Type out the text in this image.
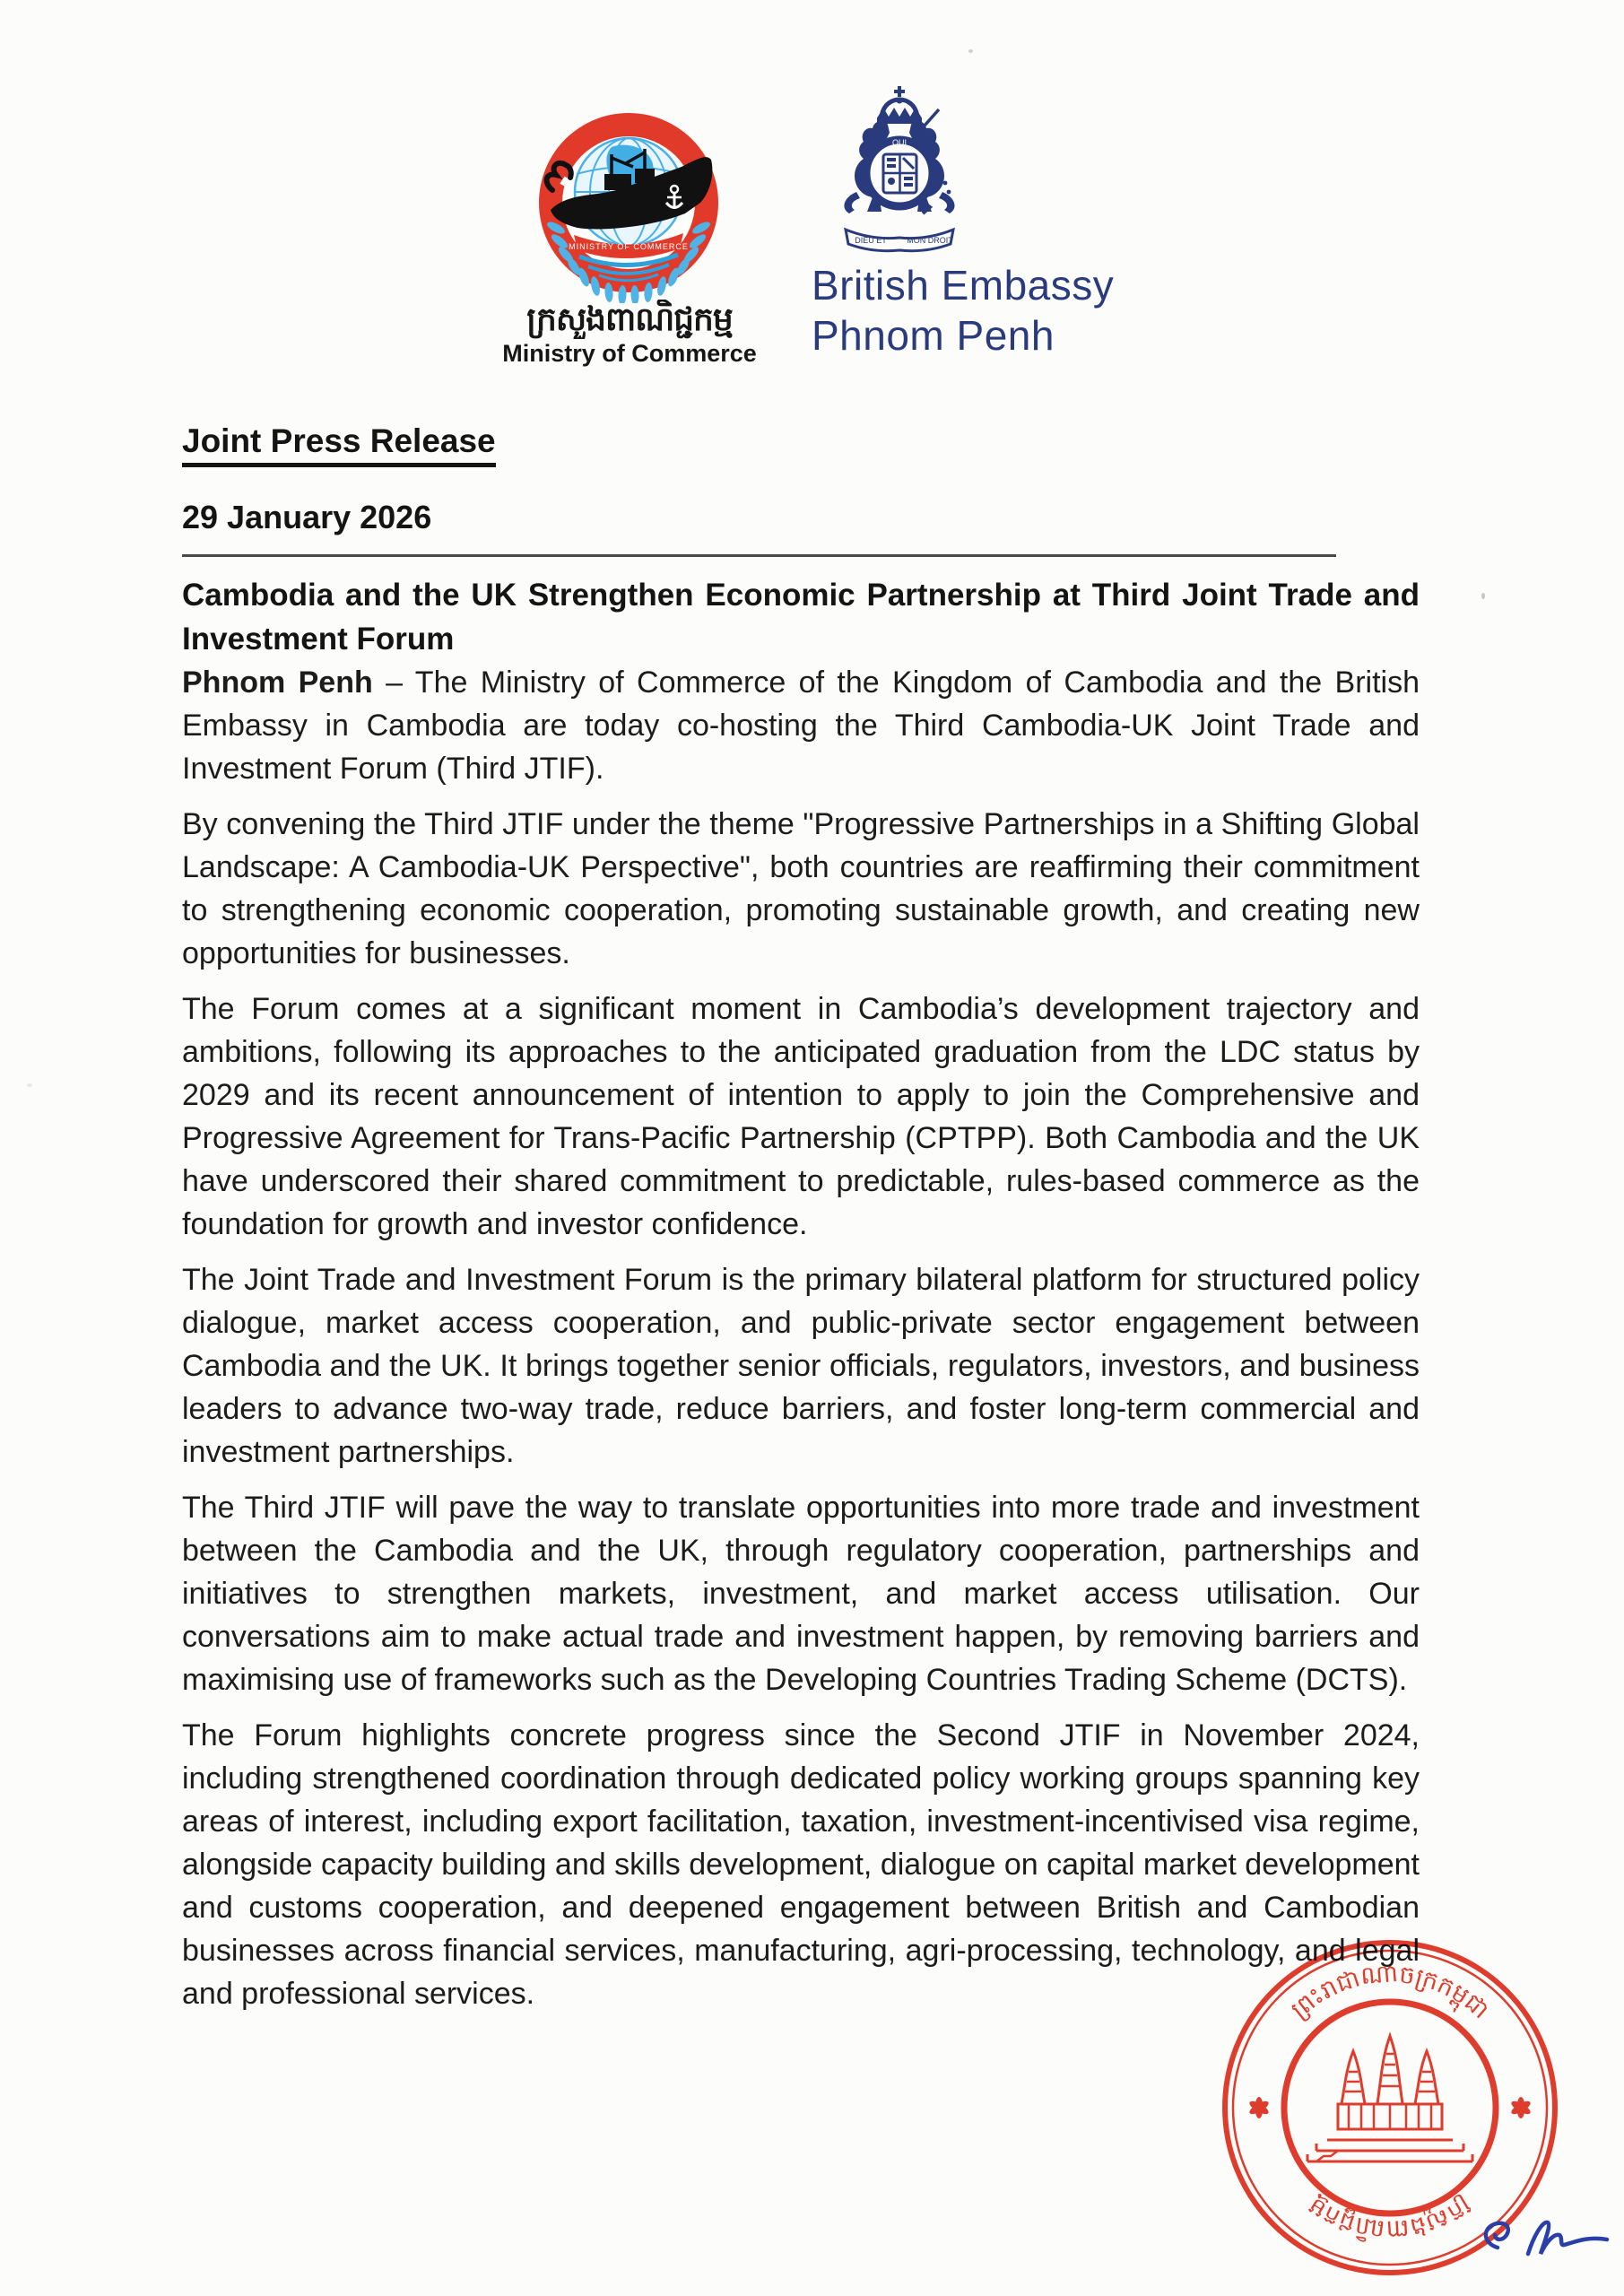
MINISTRY OF COMMERCE
ក្រសួងពាណិជ្ជកម្ម
Ministry of Commerce
QUI
DIEU ET MON DROIT
British Embassy
Phnom Penh
Joint Press Release

29 January 2026

Cambodia and the UK Strengthen Economic Partnership at Third Joint Trade and Investment Forum

Phnom Penh – The Ministry of Commerce of the Kingdom of Cambodia and the British Embassy in Cambodia are today co-hosting the Third Cambodia-UK Joint Trade and Investment Forum (Third JTIF).

By convening the Third JTIF under the theme "Progressive Partnerships in a Shifting Global Landscape: A Cambodia-UK Perspective", both countries are reaffirming their commitment to strengthening economic cooperation, promoting sustainable growth, and creating new opportunities for businesses.

The Forum comes at a significant moment in Cambodia’s development trajectory and ambitions, following its approaches to the anticipated graduation from the LDC status by 2029 and its recent announcement of intention to apply to join the Comprehensive and Progressive Agreement for Trans-Pacific Partnership (CPTPP). Both Cambodia and the UK have underscored their shared commitment to predictable, rules-based commerce as the foundation for growth and investor confidence.

The Joint Trade and Investment Forum is the primary bilateral platform for structured policy dialogue, market access cooperation, and public-private sector engagement between Cambodia and the UK. It brings together senior officials, regulators, investors, and business leaders to advance two-way trade, reduce barriers, and foster long-term commercial and investment partnerships.

The Third JTIF will pave the way to translate opportunities into more trade and investment between the Cambodia and the UK, through regulatory cooperation, partnerships and initiatives to strengthen markets, investment, and market access utilisation. Our conversations aim to make actual trade and investment happen, by removing barriers and maximising use of frameworks such as the Developing Countries Trading Scheme (DCTS).

The Forum highlights concrete progress since the Second JTIF in November 2024, including strengthened coordination through dedicated policy working groups spanning key areas of interest, including export facilitation, taxation, investment-incentivised visa regime, alongside capacity building and skills development, dialogue on capital market development and customs cooperation, and deepened engagement between British and Cambodian businesses across financial services, manufacturing, agri-processing, technology, and legal and professional services.	ព្រះរាជាណាចក្រកម្ពុជា
ក្រសួងពាណិជ្ជកម្ម
